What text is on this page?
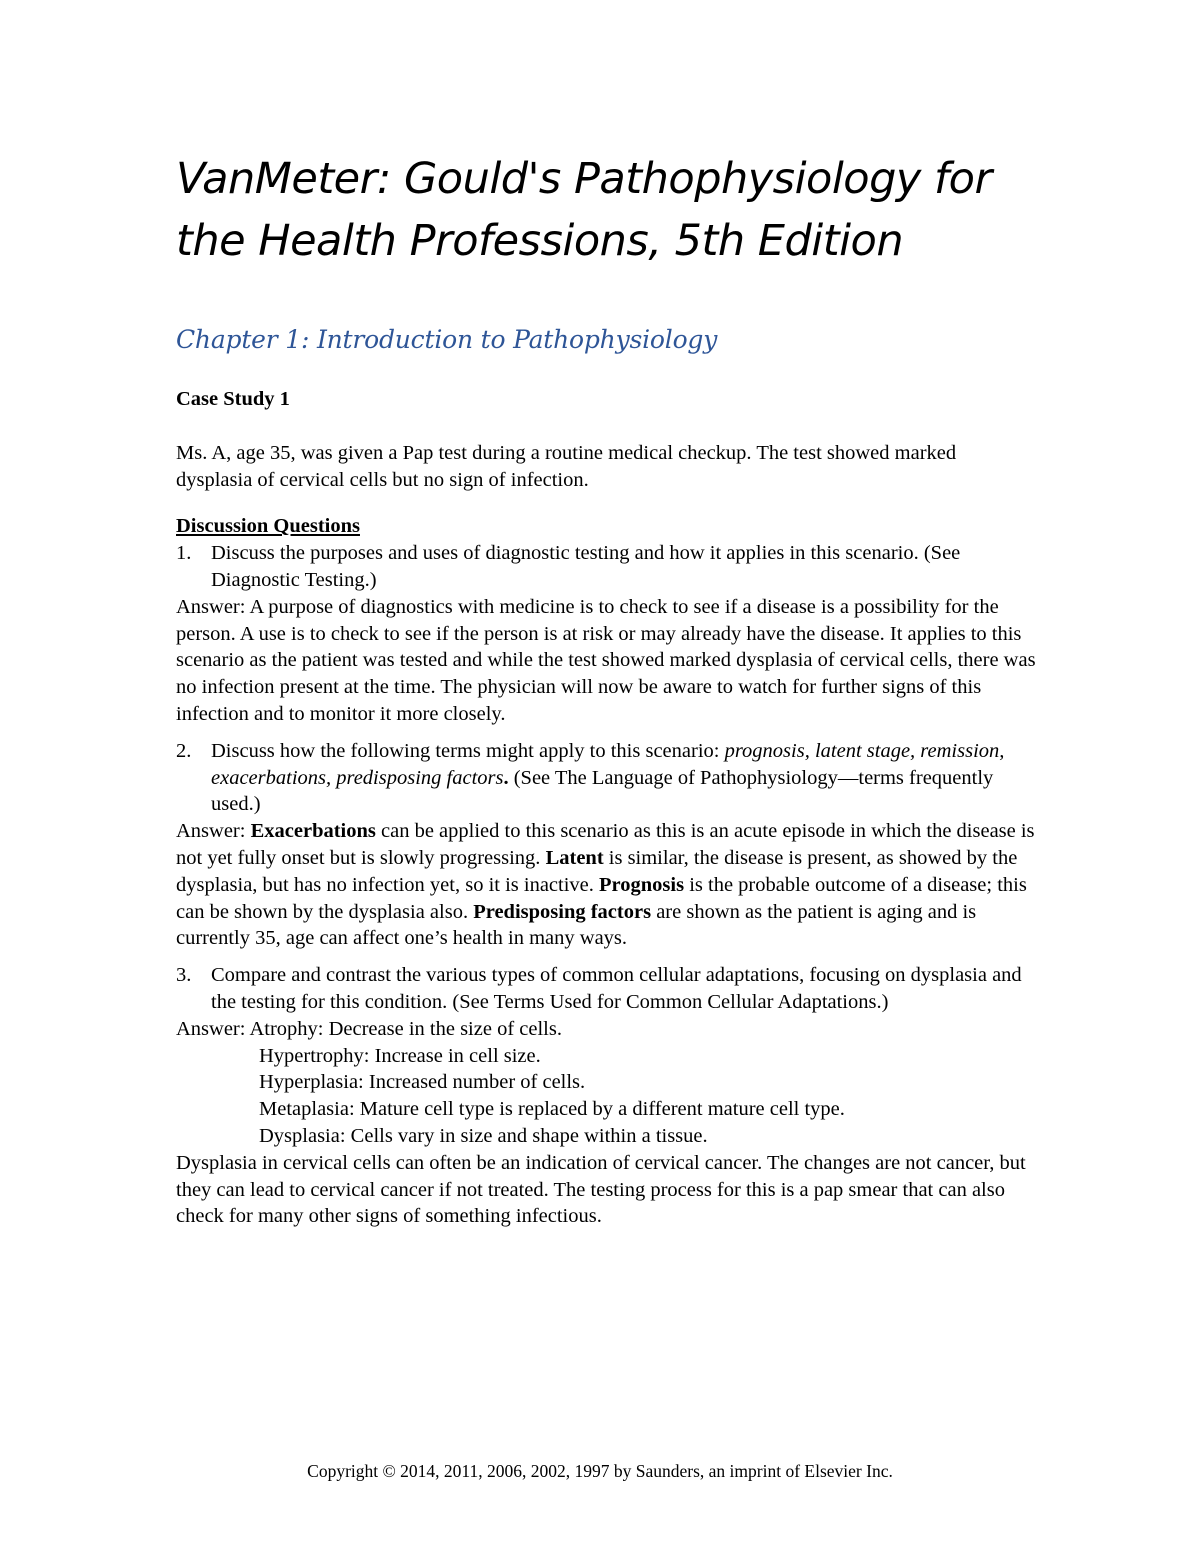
VanMeter: Gould's Pathophysiology for
the Health Professions, 5th Edition
Chapter 1: Introduction to Pathophysiology

Case Study 1

Ms. A, age 35, was given a Pap test during a routine medical checkup. The test showed marked dysplasia of cervical cells but no sign of infection.

Discussion Questions

1. Discuss the purposes and uses of diagnostic testing and how it applies in this scenario. (See Diagnostic Testing.)

Answer: A purpose of diagnostics with medicine is to check to see if a disease is a possibility for the person. A use is to check to see if the person is at risk or may already have the disease. It applies to this scenario as the patient was tested and while the test showed marked dysplasia of cervical cells, there was no infection present at the time. The physician will now be aware to watch for further signs of this infection and to monitor it more closely.

2. Discuss how the following terms might apply to this scenario: prognosis, latent stage, remission, exacerbations, predisposing factors. (See The Language of Pathophysiology—terms frequently used.)

Answer: Exacerbations can be applied to this scenario as this is an acute episode in which the disease is not yet fully onset but is slowly progressing. Latent is similar, the disease is present, as showed by the dysplasia, but has no infection yet, so it is inactive. Prognosis is the probable outcome of a disease; this can be shown by the dysplasia also. Predisposing factors are shown as the patient is aging and is currently 35, age can affect one’s health in many ways.

3. Compare and contrast the various types of common cellular adaptations, focusing on dysplasia and the testing for this condition. (See Terms Used for Common Cellular Adaptations.)

Answer: Atrophy: Decrease in the size of cells.

Hypertrophy: Increase in cell size.

Hyperplasia: Increased number of cells.

Metaplasia: Mature cell type is replaced by a different mature cell type.

Dysplasia: Cells vary in size and shape within a tissue.

Dysplasia in cervical cells can often be an indication of cervical cancer. The changes are not cancer, but they can lead to cervical cancer if not treated. The testing process for this is a pap smear that can also check for many other signs of something infectious.

Copyright © 2014, 2011, 2006, 2002, 1997 by Saunders, an imprint of Elsevier Inc.
